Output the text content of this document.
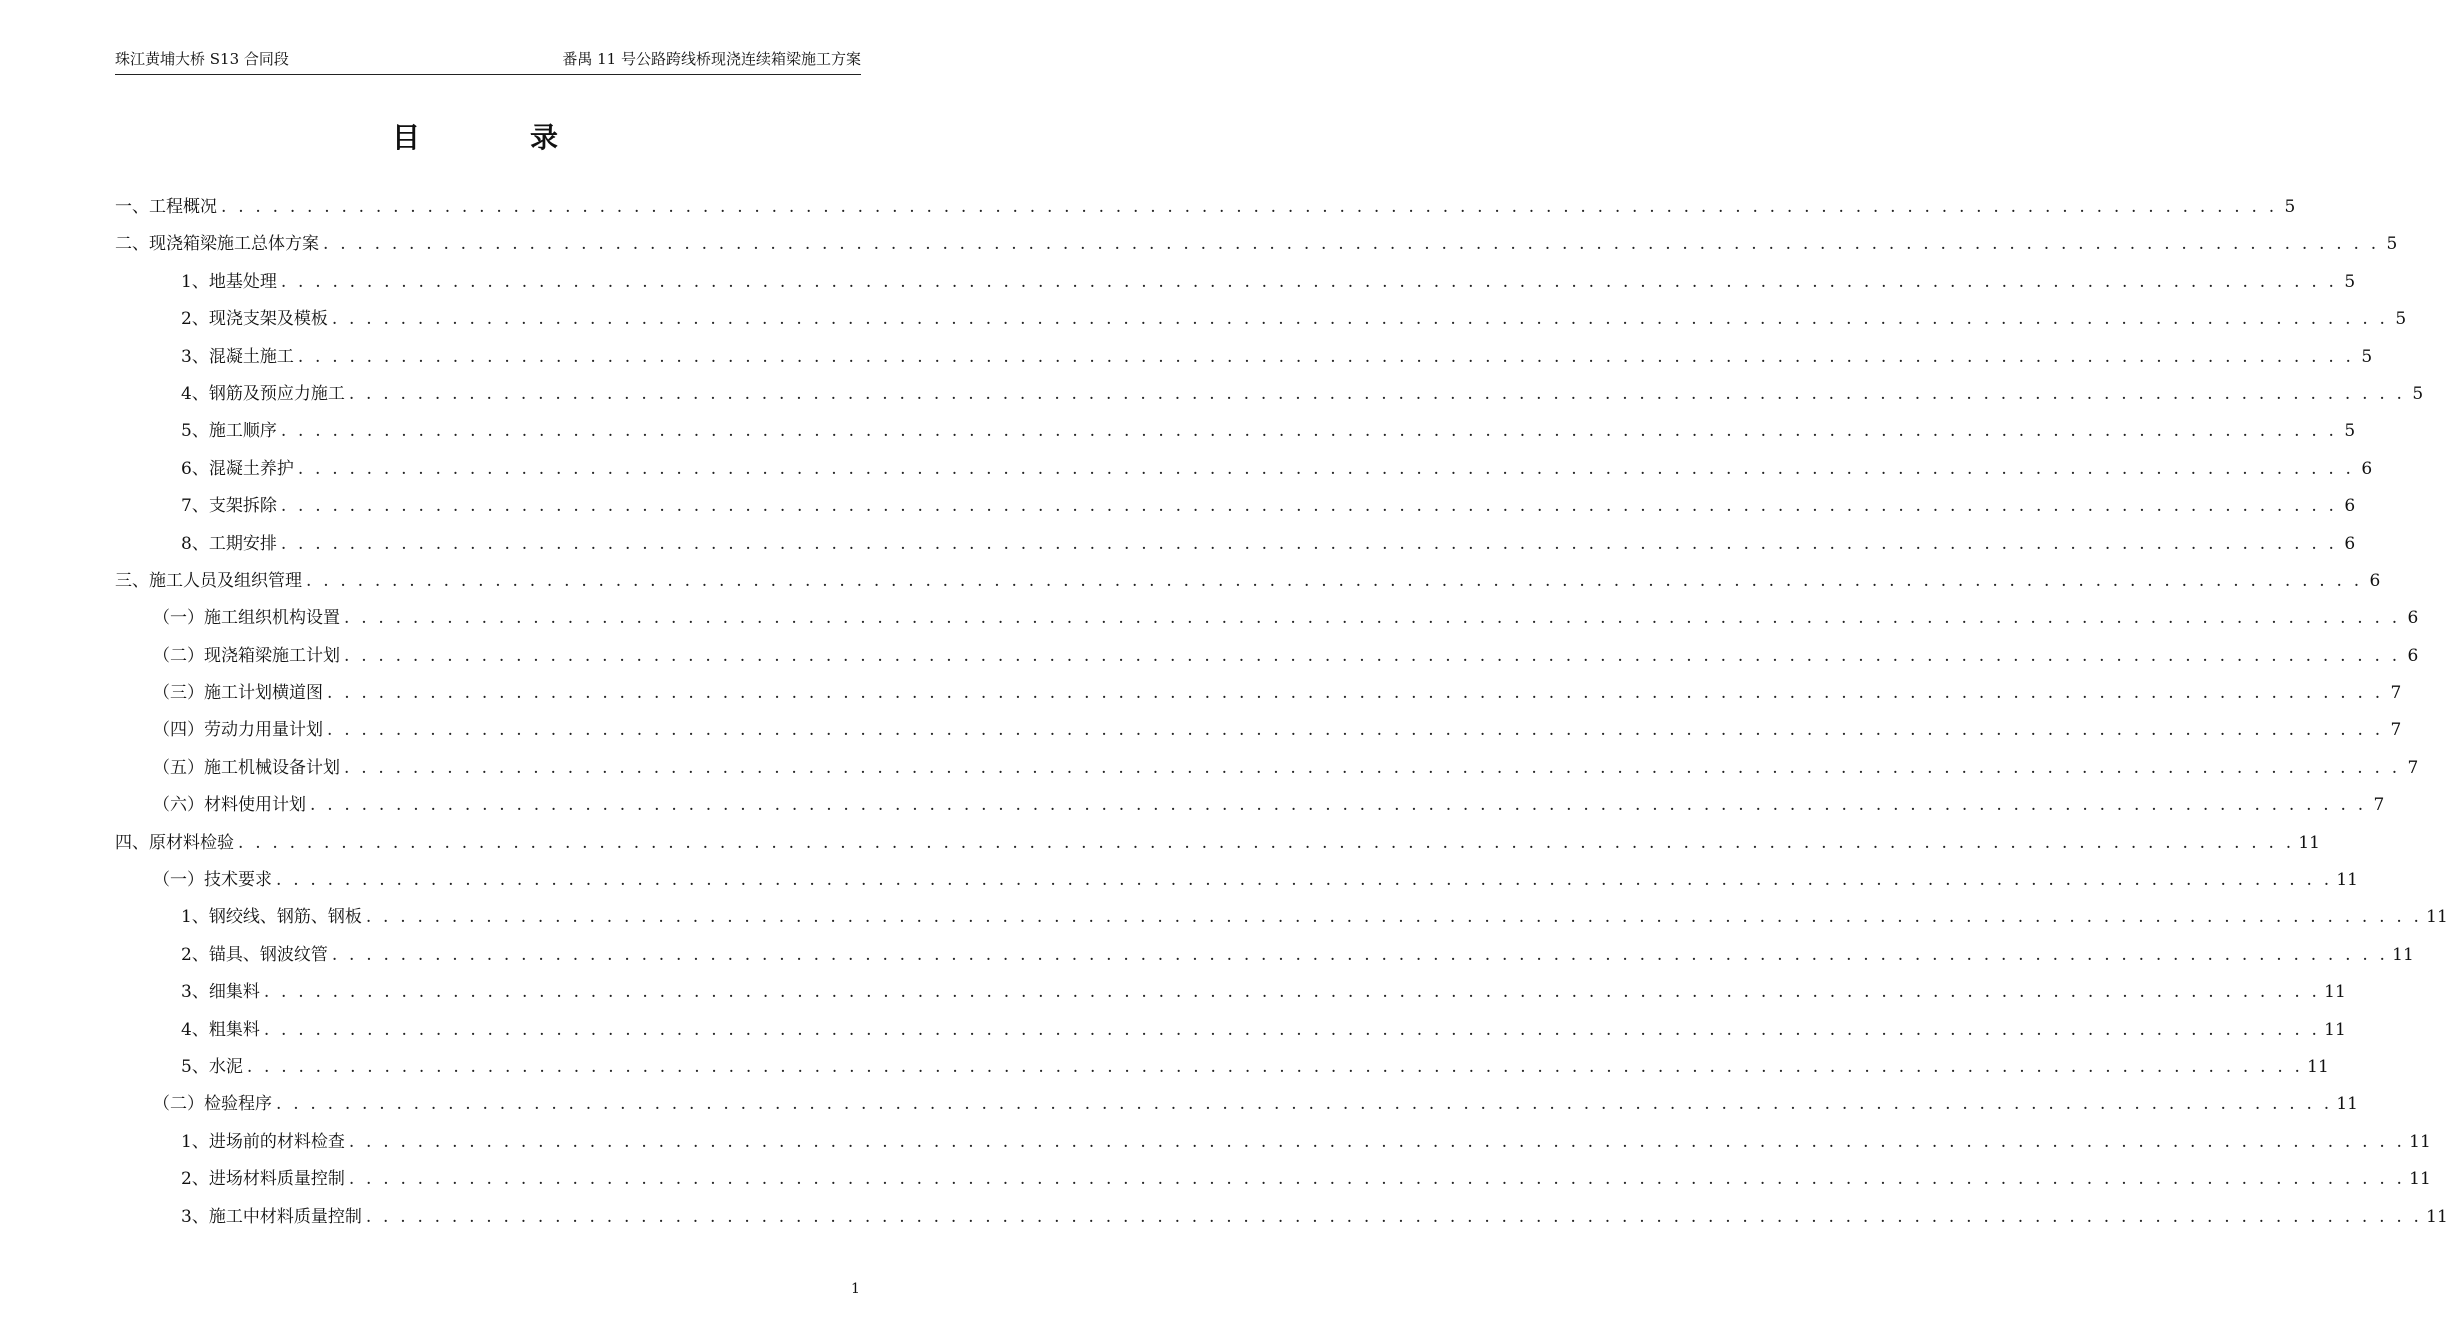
珠江黄埔大桥 S13 合同段	番禺 11 号公路跨线桥现浇连续箱梁施工方案
目录
一、工程概况 . . . . . . . . . . . . . . . . . . . . . . . . . . . . . . . . . . . . . . . . . . . . . . . . . . . . . . . . . . . . . . . . . . . . . . . . . . . . . . . . . . . . . . . . . . . . . . . . . . . . . . . . . . . . . . . . . . . . . . . . 5
二、现浇箱梁施工总体方案 . . . . . . . . . . . . . . . . . . . . . . . . . . . . . . . . . . . . . . . . . . . . . . . . . . . . . . . . . . . . . . . . . . . . . . . . . . . . . . . . . . . . . . . . . . . . . . . . . . . . . . . . . . . . . . . . . . . . . . . . 5
1、地基处理 . . . . . . . . . . . . . . . . . . . . . . . . . . . . . . . . . . . . . . . . . . . . . . . . . . . . . . . . . . . . . . . . . . . . . . . . . . . . . . . . . . . . . . . . . . . . . . . . . . . . . . . . . . . . . . . . . . . . . . . . 5
2、现浇支架及模板 . . . . . . . . . . . . . . . . . . . . . . . . . . . . . . . . . . . . . . . . . . . . . . . . . . . . . . . . . . . . . . . . . . . . . . . . . . . . . . . . . . . . . . . . . . . . . . . . . . . . . . . . . . . . . . . . . . . . . . . . 5
3、混凝土施工 . . . . . . . . . . . . . . . . . . . . . . . . . . . . . . . . . . . . . . . . . . . . . . . . . . . . . . . . . . . . . . . . . . . . . . . . . . . . . . . . . . . . . . . . . . . . . . . . . . . . . . . . . . . . . . . . . . . . . . . . 5
4、钢筋及预应力施工 . . . . . . . . . . . . . . . . . . . . . . . . . . . . . . . . . . . . . . . . . . . . . . . . . . . . . . . . . . . . . . . . . . . . . . . . . . . . . . . . . . . . . . . . . . . . . . . . . . . . . . . . . . . . . . . . . . . . . . . . 5
5、施工顺序 . . . . . . . . . . . . . . . . . . . . . . . . . . . . . . . . . . . . . . . . . . . . . . . . . . . . . . . . . . . . . . . . . . . . . . . . . . . . . . . . . . . . . . . . . . . . . . . . . . . . . . . . . . . . . . . . . . . . . . . . 5
6、混凝土养护 . . . . . . . . . . . . . . . . . . . . . . . . . . . . . . . . . . . . . . . . . . . . . . . . . . . . . . . . . . . . . . . . . . . . . . . . . . . . . . . . . . . . . . . . . . . . . . . . . . . . . . . . . . . . . . . . . . . . . . . . 6
7、支架拆除 . . . . . . . . . . . . . . . . . . . . . . . . . . . . . . . . . . . . . . . . . . . . . . . . . . . . . . . . . . . . . . . . . . . . . . . . . . . . . . . . . . . . . . . . . . . . . . . . . . . . . . . . . . . . . . . . . . . . . . . . 6
8、工期安排 . . . . . . . . . . . . . . . . . . . . . . . . . . . . . . . . . . . . . . . . . . . . . . . . . . . . . . . . . . . . . . . . . . . . . . . . . . . . . . . . . . . . . . . . . . . . . . . . . . . . . . . . . . . . . . . . . . . . . . . . 6
三、施工人员及组织管理 . . . . . . . . . . . . . . . . . . . . . . . . . . . . . . . . . . . . . . . . . . . . . . . . . . . . . . . . . . . . . . . . . . . . . . . . . . . . . . . . . . . . . . . . . . . . . . . . . . . . . . . . . . . . . . . . . . . . . . . . 6
（一）施工组织机构设置 . . . . . . . . . . . . . . . . . . . . . . . . . . . . . . . . . . . . . . . . . . . . . . . . . . . . . . . . . . . . . . . . . . . . . . . . . . . . . . . . . . . . . . . . . . . . . . . . . . . . . . . . . . . . . . . . . . . . . . . . 6
（二）现浇箱梁施工计划 . . . . . . . . . . . . . . . . . . . . . . . . . . . . . . . . . . . . . . . . . . . . . . . . . . . . . . . . . . . . . . . . . . . . . . . . . . . . . . . . . . . . . . . . . . . . . . . . . . . . . . . . . . . . . . . . . . . . . . . . 6
（三）施工计划横道图 . . . . . . . . . . . . . . . . . . . . . . . . . . . . . . . . . . . . . . . . . . . . . . . . . . . . . . . . . . . . . . . . . . . . . . . . . . . . . . . . . . . . . . . . . . . . . . . . . . . . . . . . . . . . . . . . . . . . . . . . 7
（四）劳动力用量计划 . . . . . . . . . . . . . . . . . . . . . . . . . . . . . . . . . . . . . . . . . . . . . . . . . . . . . . . . . . . . . . . . . . . . . . . . . . . . . . . . . . . . . . . . . . . . . . . . . . . . . . . . . . . . . . . . . . . . . . . . 7
（五）施工机械设备计划 . . . . . . . . . . . . . . . . . . . . . . . . . . . . . . . . . . . . . . . . . . . . . . . . . . . . . . . . . . . . . . . . . . . . . . . . . . . . . . . . . . . . . . . . . . . . . . . . . . . . . . . . . . . . . . . . . . . . . . . . 7
（六）材料使用计划 . . . . . . . . . . . . . . . . . . . . . . . . . . . . . . . . . . . . . . . . . . . . . . . . . . . . . . . . . . . . . . . . . . . . . . . . . . . . . . . . . . . . . . . . . . . . . . . . . . . . . . . . . . . . . . . . . . . . . . . . 7
四、原材料检验 . . . . . . . . . . . . . . . . . . . . . . . . . . . . . . . . . . . . . . . . . . . . . . . . . . . . . . . . . . . . . . . . . . . . . . . . . . . . . . . . . . . . . . . . . . . . . . . . . . . . . . . . . . . . . . . . . . . . . . . . 11
（一）技术要求 . . . . . . . . . . . . . . . . . . . . . . . . . . . . . . . . . . . . . . . . . . . . . . . . . . . . . . . . . . . . . . . . . . . . . . . . . . . . . . . . . . . . . . . . . . . . . . . . . . . . . . . . . . . . . . . . . . . . . . . . 11
1、钢绞线、钢筋、钢板 . . . . . . . . . . . . . . . . . . . . . . . . . . . . . . . . . . . . . . . . . . . . . . . . . . . . . . . . . . . . . . . . . . . . . . . . . . . . . . . . . . . . . . . . . . . . . . . . . . . . . . . . . . . . . . . . . . . . . . . . 11
2、锚具、钢波纹管 . . . . . . . . . . . . . . . . . . . . . . . . . . . . . . . . . . . . . . . . . . . . . . . . . . . . . . . . . . . . . . . . . . . . . . . . . . . . . . . . . . . . . . . . . . . . . . . . . . . . . . . . . . . . . . . . . . . . . . . . 11
3、细集料 . . . . . . . . . . . . . . . . . . . . . . . . . . . . . . . . . . . . . . . . . . . . . . . . . . . . . . . . . . . . . . . . . . . . . . . . . . . . . . . . . . . . . . . . . . . . . . . . . . . . . . . . . . . . . . . . . . . . . . . . 11
4、粗集料 . . . . . . . . . . . . . . . . . . . . . . . . . . . . . . . . . . . . . . . . . . . . . . . . . . . . . . . . . . . . . . . . . . . . . . . . . . . . . . . . . . . . . . . . . . . . . . . . . . . . . . . . . . . . . . . . . . . . . . . . 11
5、水泥 . . . . . . . . . . . . . . . . . . . . . . . . . . . . . . . . . . . . . . . . . . . . . . . . . . . . . . . . . . . . . . . . . . . . . . . . . . . . . . . . . . . . . . . . . . . . . . . . . . . . . . . . . . . . . . . . . . . . . . . . 11
（二）检验程序 . . . . . . . . . . . . . . . . . . . . . . . . . . . . . . . . . . . . . . . . . . . . . . . . . . . . . . . . . . . . . . . . . . . . . . . . . . . . . . . . . . . . . . . . . . . . . . . . . . . . . . . . . . . . . . . . . . . . . . . . 11
1、进场前的材料检查 . . . . . . . . . . . . . . . . . . . . . . . . . . . . . . . . . . . . . . . . . . . . . . . . . . . . . . . . . . . . . . . . . . . . . . . . . . . . . . . . . . . . . . . . . . . . . . . . . . . . . . . . . . . . . . . . . . . . . . . . 11
2、进场材料质量控制 . . . . . . . . . . . . . . . . . . . . . . . . . . . . . . . . . . . . . . . . . . . . . . . . . . . . . . . . . . . . . . . . . . . . . . . . . . . . . . . . . . . . . . . . . . . . . . . . . . . . . . . . . . . . . . . . . . . . . . . . 11
3、施工中材料质量控制 . . . . . . . . . . . . . . . . . . . . . . . . . . . . . . . . . . . . . . . . . . . . . . . . . . . . . . . . . . . . . . . . . . . . . . . . . . . . . . . . . . . . . . . . . . . . . . . . . . . . . . . . . . . . . . . . . . . . . . . . 11
1
